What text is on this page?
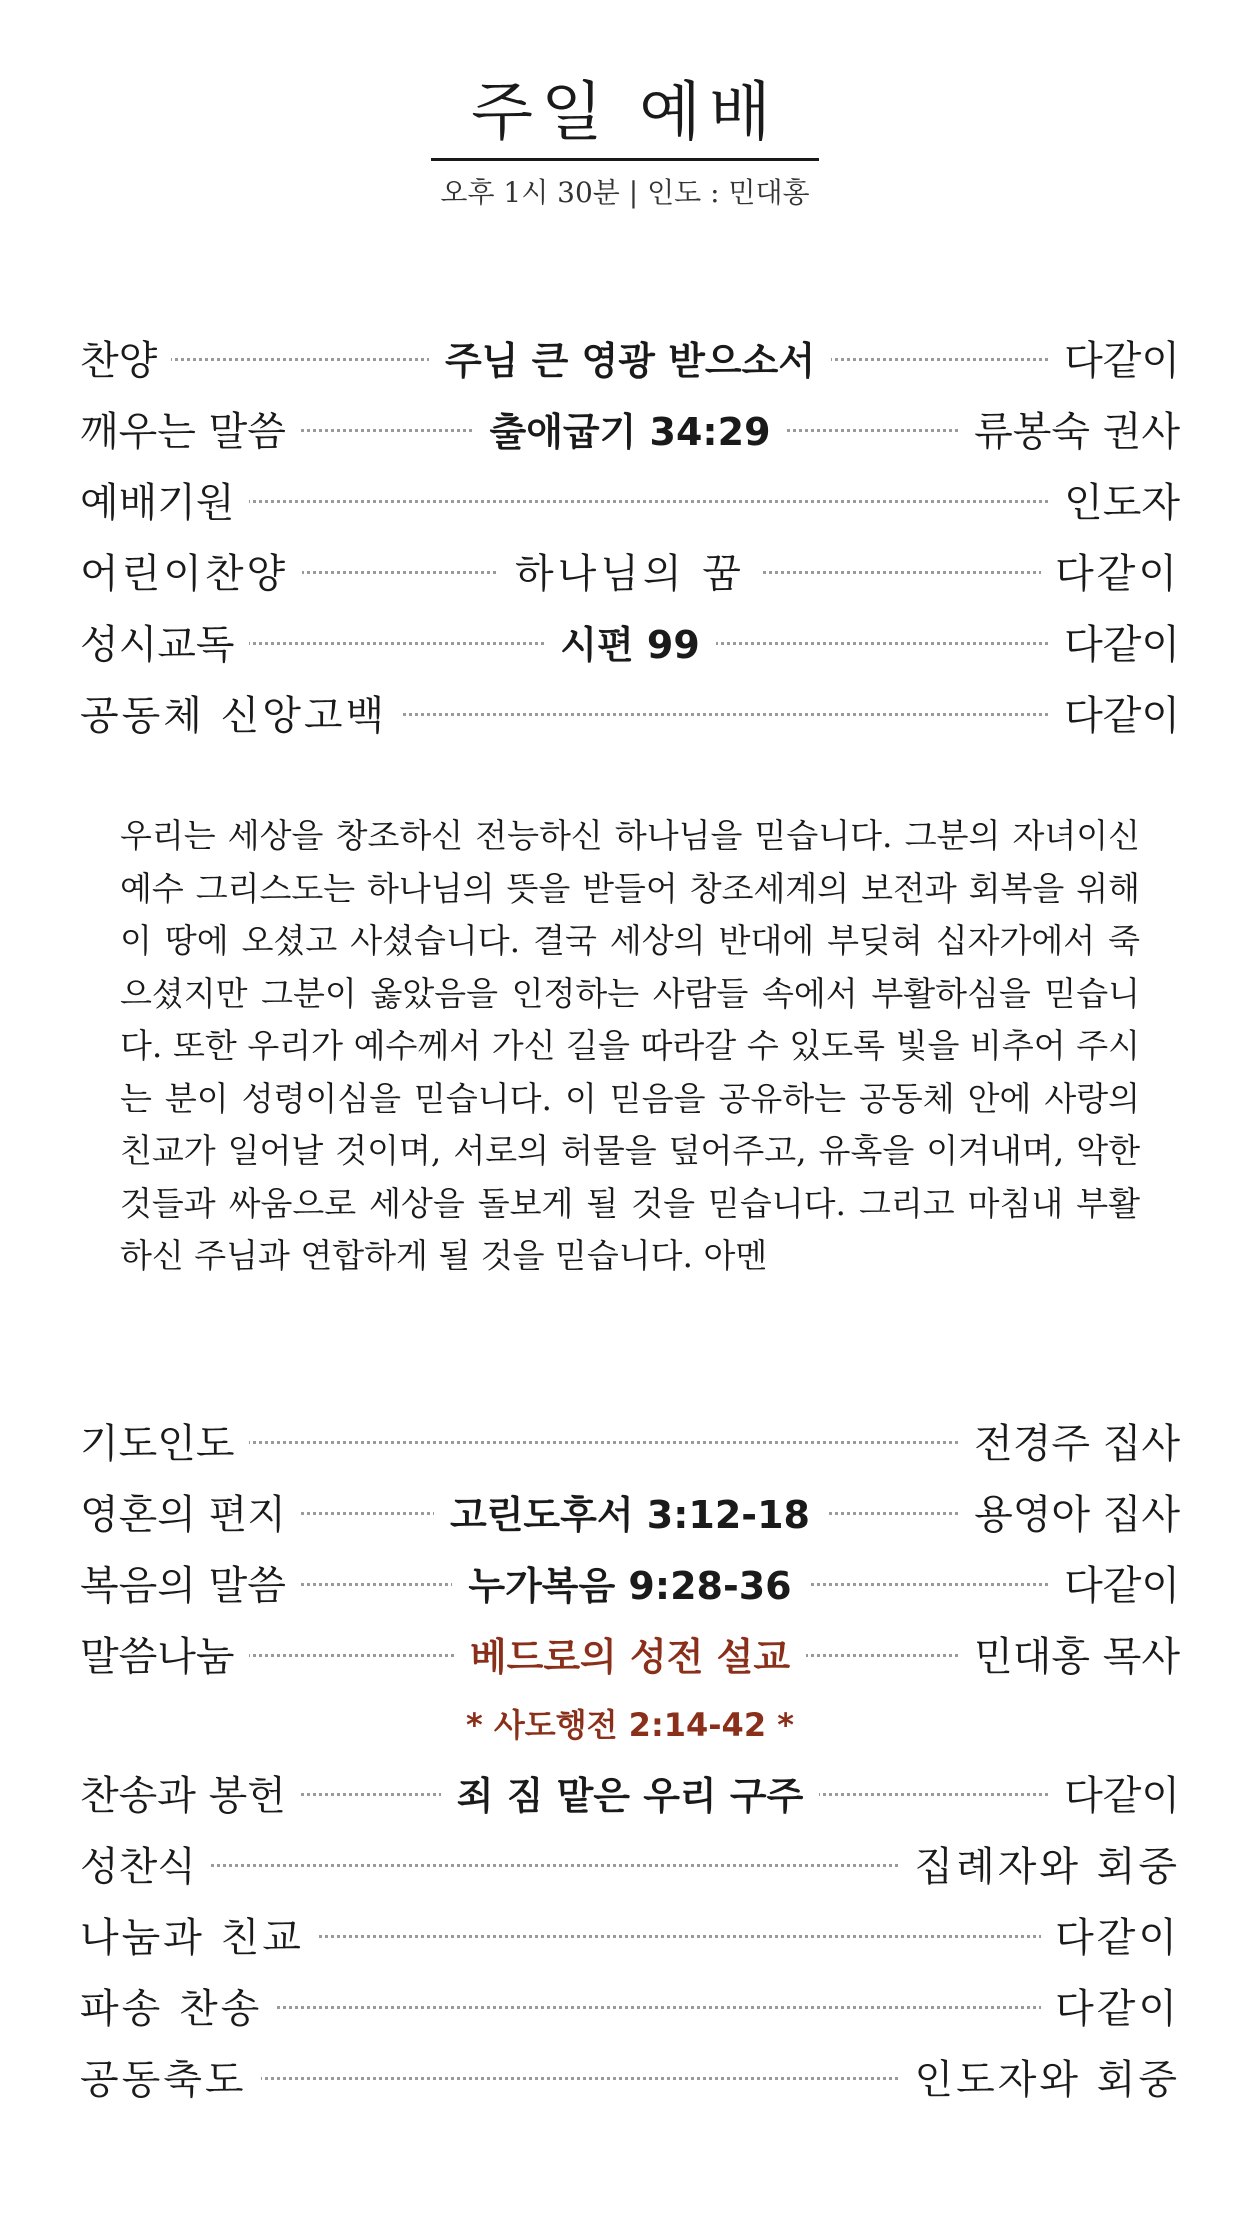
주일 예배
오후 1시 30분 | 인도 : 민대홍
찬양	주님 큰 영광 받으소서	다같이
깨우는 말씀	출애굽기 34:29	류봉숙 권사
예배기원	인도자
어린이찬양	하나님의 꿈	다같이
성시교독	시편 99	다같이
공동체 신앙고백	다같이
우리는 세상을 창조하신 전능하신 하나님을 믿습니다. 그분의 자녀이신 예수 그리스도는 하나님의 뜻을 받들어 창조세계의 보전과 회복을 위해 이 땅에 오셨고 사셨습니다. 결국 세상의 반대에 부딪혀 십자가에서 죽으셨지만 그분이 옳았음을 인정하는 사람들 속에서 부활하심을 믿습니다. 또한 우리가 예수께서 가신 길을 따라갈 수 있도록 빛을 비추어 주시는 분이 성령이심을 믿습니다. 이 믿음을 공유하는 공동체 안에 사랑의 친교가 일어날 것이며, 서로의 허물을 덮어주고, 유혹을 이겨내며, 악한 것들과 싸움으로 세상을 돌보게 될 것을 믿습니다. 그리고 마침내 부활하신 주님과 연합하게 될 것을 믿습니다. 아멘
기도인도	전경주 집사
영혼의 편지	고린도후서 3:12-18	용영아 집사
복음의 말씀	누가복음 9:28-36	다같이
말씀나눔	베드로의 성전 설교	민대홍 목사
* 사도행전 2:14-42 *
찬송과 봉헌	죄 짐 맡은 우리 구주	다같이
성찬식	집례자와 회중
나눔과 친교	다같이
파송 찬송	다같이
공동축도	인도자와 회중
